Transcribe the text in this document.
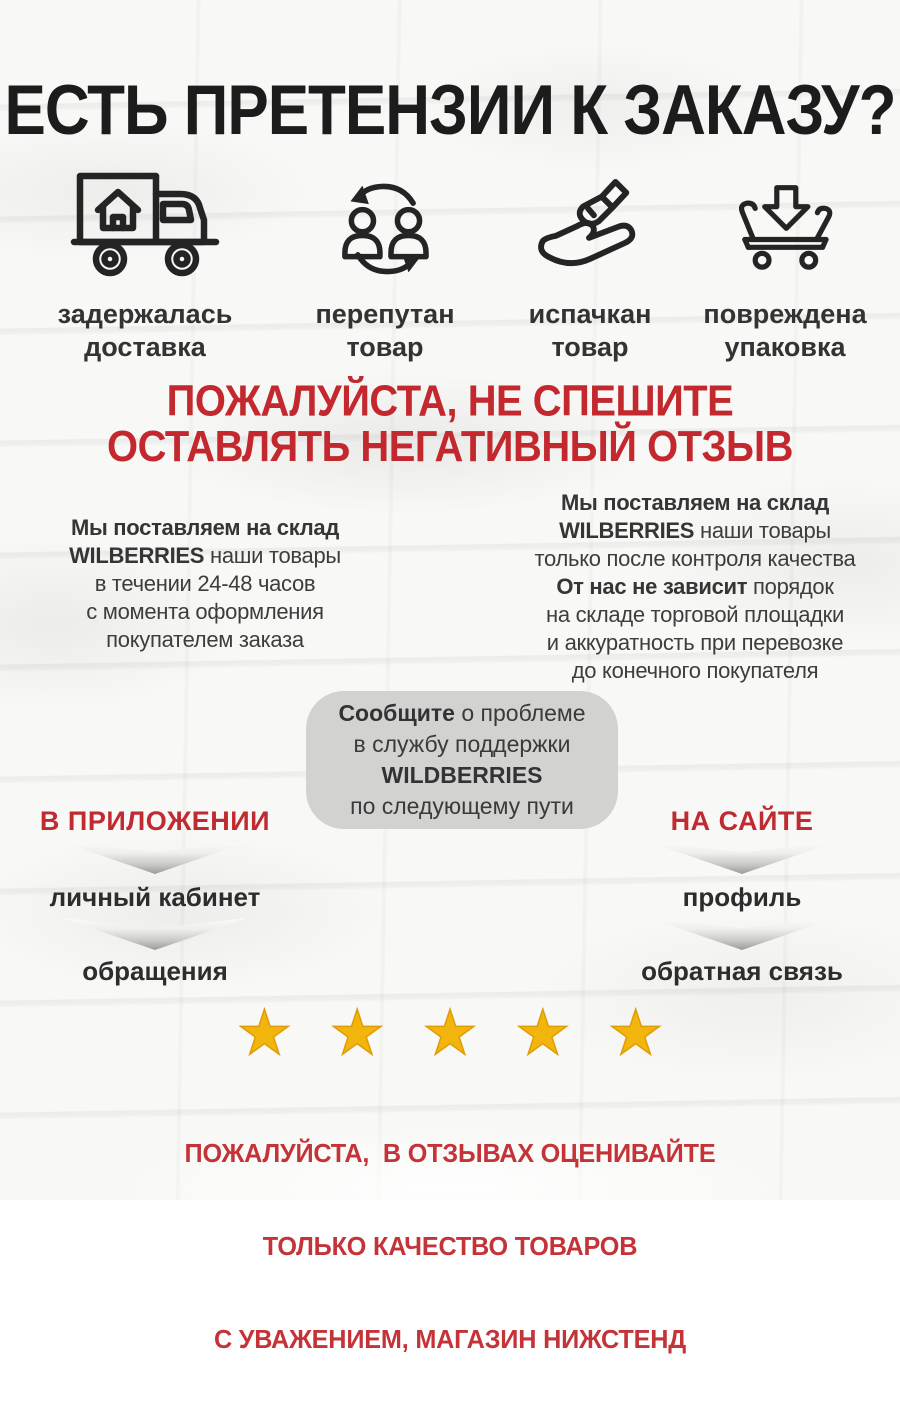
ЕСТЬ ПРЕТЕНЗИИ К ЗАКАЗУ?
задержалась
доставка
перепутан
товар
испачкан
товар
повреждена
упаковка
ПОЖАЛУЙСТА, НЕ СПЕШИТЕ
ОСТАВЛЯТЬ НЕГАТИВНЫЙ ОТЗЫВ
Мы поставляем на склад
WILBERRIES наши товары
в течении 24-48 часов
с момента оформления
покупателем заказа
Мы поставляем на склад
WILBERRIES наши товары
только после контроля качества
От нас не зависит порядок
на складе торговой площадки
и аккуратность при перевозке
до конечного покупателя
Сообщите о проблеме
в службу поддержки
WILDBERRIES
по следующему пути
В ПРИЛОЖЕНИИ
личный кабинет
обращения
НА САЙТЕ
профиль
обратная связь
★ ★ ★ ★ ★

ПОЖАЛУЙСТА,  В ОТЗЫВАХ ОЦЕНИВАЙТЕ

ТОЛЬКО КАЧЕСТВО ТОВАРОВ

С УВАЖЕНИЕМ, МАГАЗИН НИЖСТЕНД
